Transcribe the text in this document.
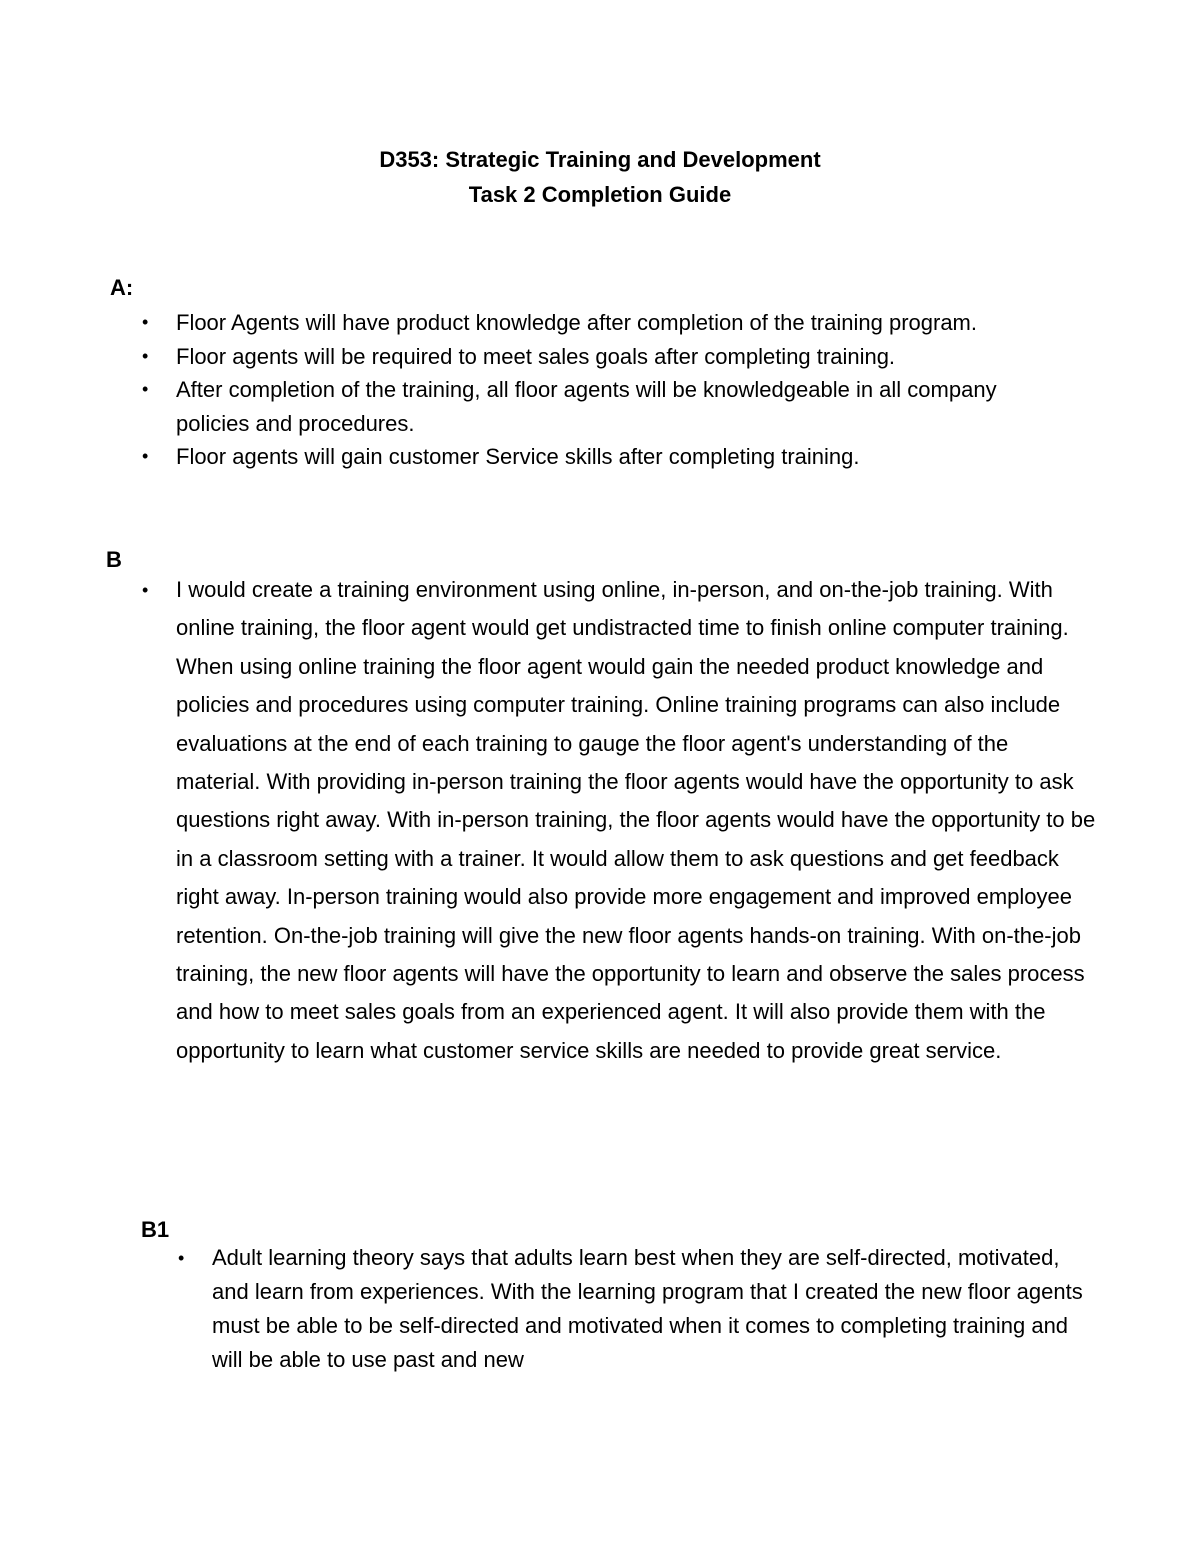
D353: Strategic Training and Development
Task 2 Completion Guide
A:
• Floor Agents will have product knowledge after completion of the training program.
• Floor agents will be required to meet sales goals after completing training.
• After completion of the training, all floor agents will be knowledgeable in all company policies and procedures.
• Floor agents will gain customer Service skills after completing training.
B
• I would create a training environment using online, in-person, and on-the-job training. With online training, the floor agent would get undistracted time to finish online computer training. When using online training the floor agent would gain the needed product knowledge and policies and procedures using computer training. Online training programs can also include evaluations at the end of each training to gauge the floor agent's understanding of the material. With providing in-person training the floor agents would have the opportunity to ask questions right away. With in-person training, the floor agents would have the opportunity to be in a classroom setting with a trainer. It would allow them to ask questions and get feedback right away. In-person training would also provide more engagement and improved employee retention. On-the-job training will give the new floor agents hands-on training. With on-the-job training, the new floor agents will have the opportunity to learn and observe the sales process and how to meet sales goals from an experienced agent. It will also provide them with the opportunity to learn what customer service skills are needed to provide great service.
B1
• Adult learning theory says that adults learn best when they are self-directed, motivated, and learn from experiences. With the learning program that I created the new floor agents must be able to be self-directed and motivated when it comes to completing training and will be able to use past and new
